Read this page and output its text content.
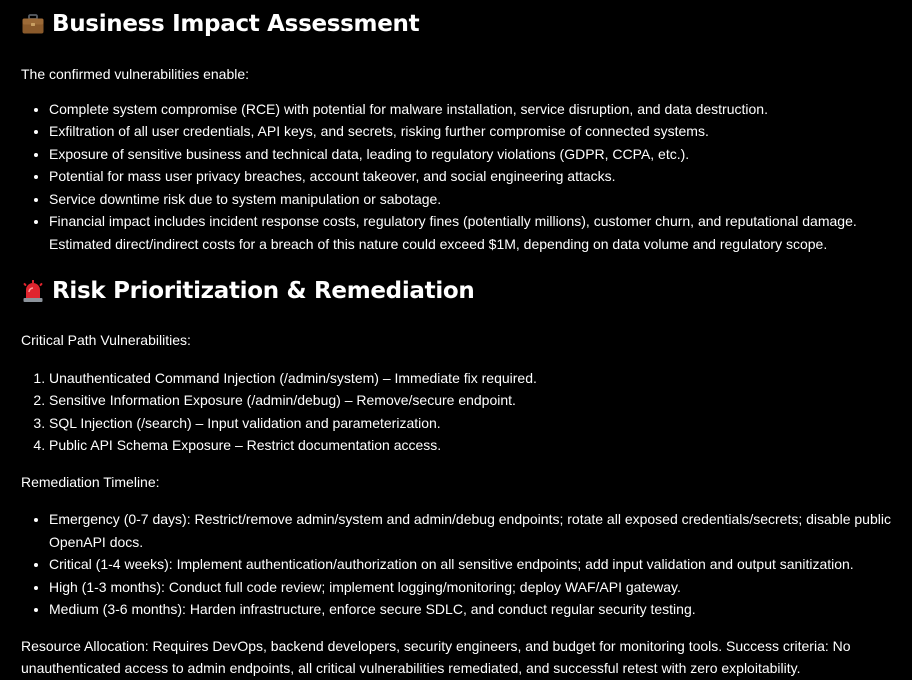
Business Impact Assessment

The confirmed vulnerabilities enable:

• Complete system compromise (RCE) with potential for malware installation, service disruption, and data destruction.
• Exfiltration of all user credentials, API keys, and secrets, risking further compromise of connected systems.
• Exposure of sensitive business and technical data, leading to regulatory violations (GDPR, CCPA, etc.).
• Potential for mass user privacy breaches, account takeover, and social engineering attacks.
• Service downtime risk due to system manipulation or sabotage.
• Financial impact includes incident response costs, regulatory fines (potentially millions), customer churn, and reputational damage. Estimated direct/indirect costs for a breach of this nature could exceed $1M, depending on data volume and regulatory scope.
Risk Prioritization & Remediation

Critical Path Vulnerabilities:

1. Unauthenticated Command Injection (/admin/system) – Immediate fix required.
2. Sensitive Information Exposure (/admin/debug) – Remove/secure endpoint.
3. SQL Injection (/search) – Input validation and parameterization.
4. Public API Schema Exposure – Restrict documentation access.

Remediation Timeline:

• Emergency (0-7 days): Restrict/remove admin/system and admin/debug endpoints; rotate all exposed credentials/secrets; disable public OpenAPI docs.
• Critical (1-4 weeks): Implement authentication/authorization on all sensitive endpoints; add input validation and output sanitization.
• High (1-3 months): Conduct full code review; implement logging/monitoring; deploy WAF/API gateway.
• Medium (3-6 months): Harden infrastructure, enforce secure SDLC, and conduct regular security testing.

Resource Allocation: Requires DevOps, backend developers, security engineers, and budget for monitoring tools. Success criteria: No unauthenticated access to admin endpoints, all critical vulnerabilities remediated, and successful retest with zero exploitability.
